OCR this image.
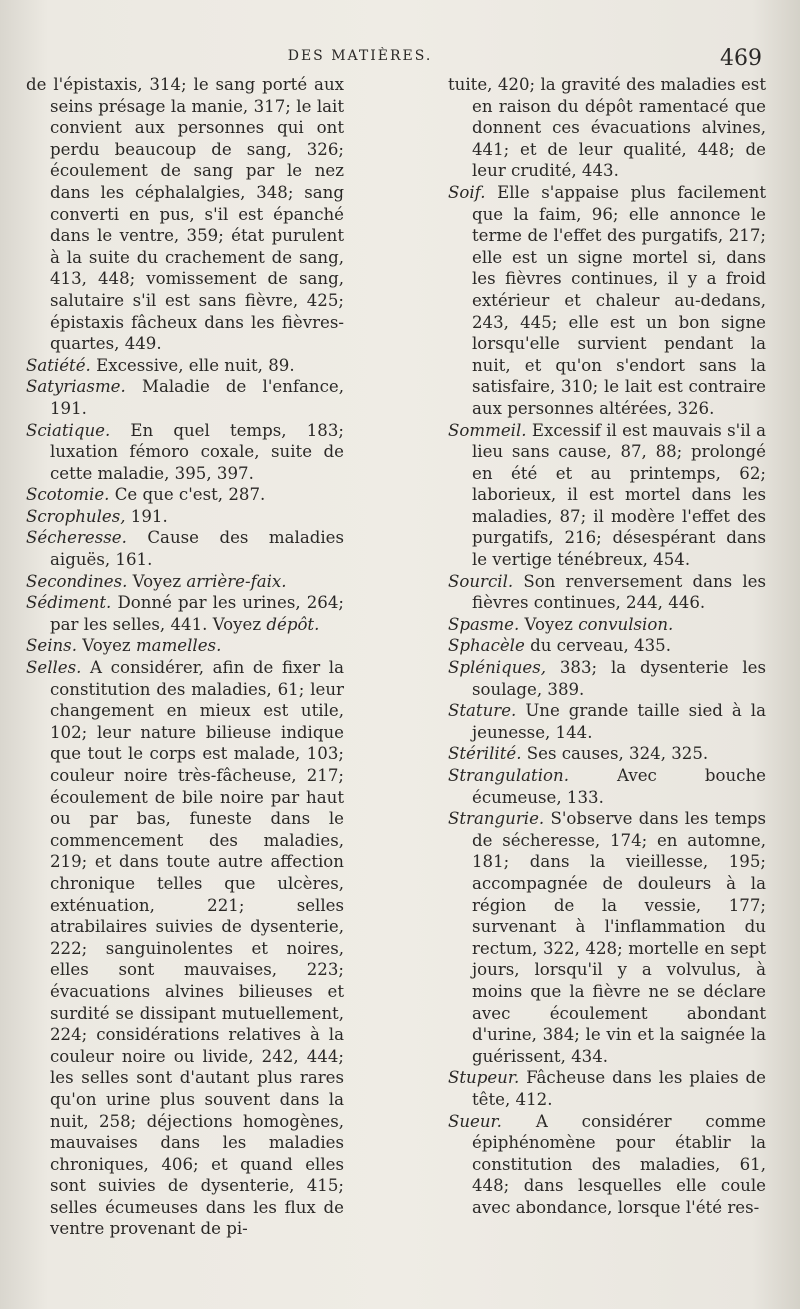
DES MATIÈRES.	469

de l'épistaxis, 314; le sang porté aux seins présage la manie, 317; le lait convient aux personnes qui ont perdu beaucoup de sang, 326; écoulement de sang par le nez dans les céphalalgies, 348; sang converti en pus, s'il est épanché dans le ventre, 359; état purulent à la suite du crachement de sang, 413, 448; vomissement de sang, salutaire s'il est sans fièvre, 425; épistaxis fâcheux dans les fièvres-quartes, 449.

Satiété. Excessive, elle nuit, 89.

Satyriasme. Maladie de l'enfance, 191.

Sciatique. En quel temps, 183; luxation fémoro coxale, suite de cette maladie, 395, 397.

Scotomie. Ce que c'est, 287.

Scrophules, 191.

Sécheresse. Cause des maladies aiguës, 161.

Secondines. Voyez arrière-faix.

Sédiment. Donné par les urines, 264; par les selles, 441. Voyez dépôt.

Seins. Voyez mamelles.

Selles. A considérer, afin de fixer la constitution des maladies, 61; leur changement en mieux est utile, 102; leur nature bilieuse indique que tout le corps est malade, 103; couleur noire très-fâcheuse, 217; écoulement de bile noire par haut ou par bas, funeste dans le commencement des maladies, 219; et dans toute autre affection chronique telles que ulcères, exténuation, 221; selles atrabilaires suivies de dysenterie, 222; sanguinolentes et noires, elles sont mauvaises, 223; évacuations alvines bilieuses et surdité se dissipant mutuellement, 224; considérations relatives à la couleur noire ou livide, 242, 444; les selles sont d'autant plus rares qu'on urine plus souvent dans la nuit, 258; déjections homogènes, mauvaises dans les maladies chroniques, 406; et quand elles sont suivies de dysenterie, 415; selles écumeuses dans les flux de ventre provenant de pi-

tuite, 420; la gravité des maladies est en raison du dépôt ramentacé que donnent ces évacuations alvines, 441; et de leur qualité, 448; de leur crudité, 443.

Soif. Elle s'appaise plus facilement que la faim, 96; elle annonce le terme de l'effet des purgatifs, 217; elle est un signe mortel si, dans les fièvres continues, il y a froid extérieur et chaleur au-dedans, 243, 445; elle est un bon signe lorsqu'elle survient pendant la nuit, et qu'on s'endort sans la satisfaire, 310; le lait est contraire aux personnes altérées, 326.

Sommeil. Excessif il est mauvais s'il a lieu sans cause, 87, 88; prolongé en été et au printemps, 62; laborieux, il est mortel dans les maladies, 87; il modère l'effet des purgatifs, 216; désespérant dans le vertige ténébreux, 454.

Sourcil. Son renversement dans les fièvres continues, 244, 446.

Spasme. Voyez convulsion.

Sphacèle du cerveau, 435.

Spléniques, 383; la dysenterie les soulage, 389.

Stature. Une grande taille sied à la jeunesse, 144.

Stérilité. Ses causes, 324, 325.

Strangulation.	Avec bouche écumeuse, 133.

Strangurie. S'observe dans les temps de sécheresse, 174; en automne, 181; dans la vieillesse, 195; accompagnée de douleurs à la région de la vessie, 177; survenant à l'inflammation du rectum, 322, 428; mortelle en sept jours, lorsqu'il y a volvulus, à moins que la fièvre ne se déclare avec écoulement abondant d'urine, 384; le vin et la saignée la guérissent, 434.

Stupeur. Fâcheuse dans les plaies de tête, 412.

Sueur. A considérer comme épiphénomène pour établir la constitution des maladies, 61, 448; dans lesquelles elle coule avec abondance, lorsque l'été res-
